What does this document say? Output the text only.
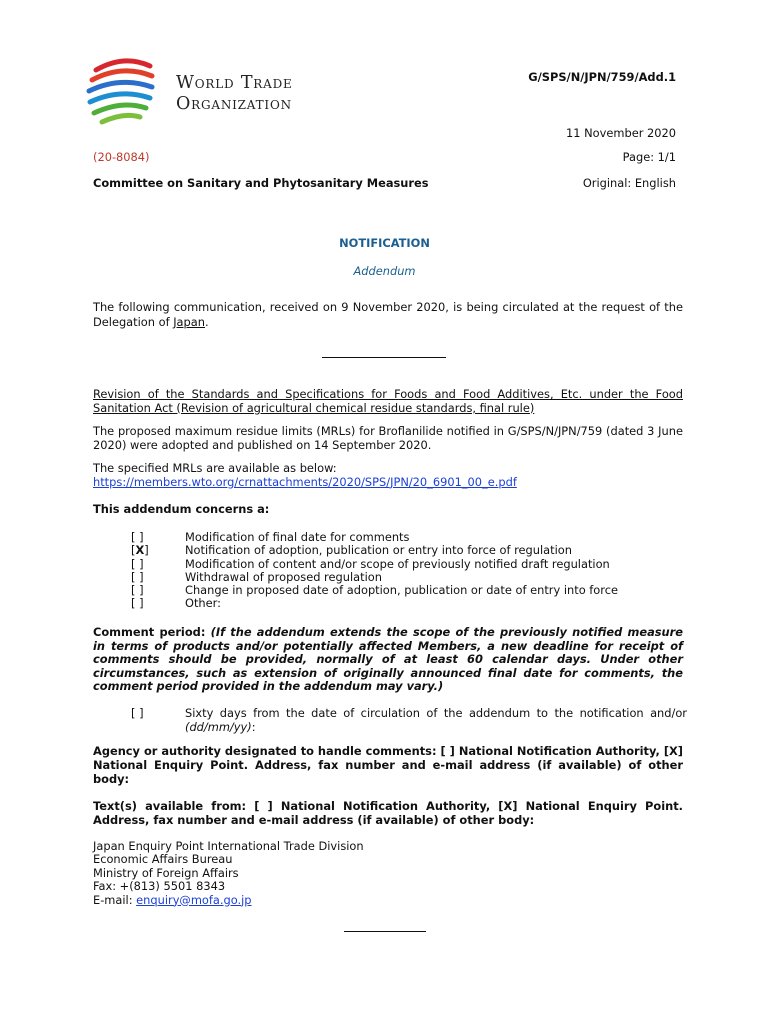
World Trade
Organization
G/SPS/N/JPN/759/Add.1
11 November 2020
(20-8084)	Page: 1/1
Committee on Sanitary and Phytosanitary Measures	Original: English
NOTIFICATION
Addendum
The following communication, received on 9 November 2020, is being circulated at the request of the Delegation of Japan.
Revision of the Standards and Specifications for Foods and Food Additives, Etc. under the Food Sanitation Act (Revision of agricultural chemical residue standards, final rule)
The proposed maximum residue limits (MRLs) for Broflanilide notified in G/SPS/N/JPN/759 (dated 3 June 2020) were adopted and published on 14 September 2020.
The specified MRLs are available as below:
https://members.wto.org/crnattachments/2020/SPS/JPN/20_6901_00_e.pdf
This addendum concerns a:
[ ]	Modification of final date for comments
[X]	Notification of adoption, publication or entry into force of regulation
[ ]	Modification of content and/or scope of previously notified draft regulation
[ ]	Withdrawal of proposed regulation
[ ]	Change in proposed date of adoption, publication or date of entry into force
[ ]	Other:
Comment period: (If the addendum extends the scope of the previously notified measure in terms of products and/or potentially affected Members, a new deadline for receipt of comments should be provided, normally of at least 60 calendar days. Under other circumstances, such as extension of originally announced final date for comments, the comment period provided in the addendum may vary.)
[ ]	Sixty days from the date of circulation of the addendum to the notification and/or (dd/mm/yy):
Agency or authority designated to handle comments: [ ] National Notification Authority, [X] National Enquiry Point. Address, fax number and e-mail address (if available) of other body:
Text(s) available from: [ ] National Notification Authority, [X] National Enquiry Point. Address, fax number and e-mail address (if available) of other body:
Japan Enquiry Point International Trade Division
Economic Affairs Bureau
Ministry of Foreign Affairs
Fax: +(813) 5501 8343
E-mail: enquiry@mofa.go.jp
